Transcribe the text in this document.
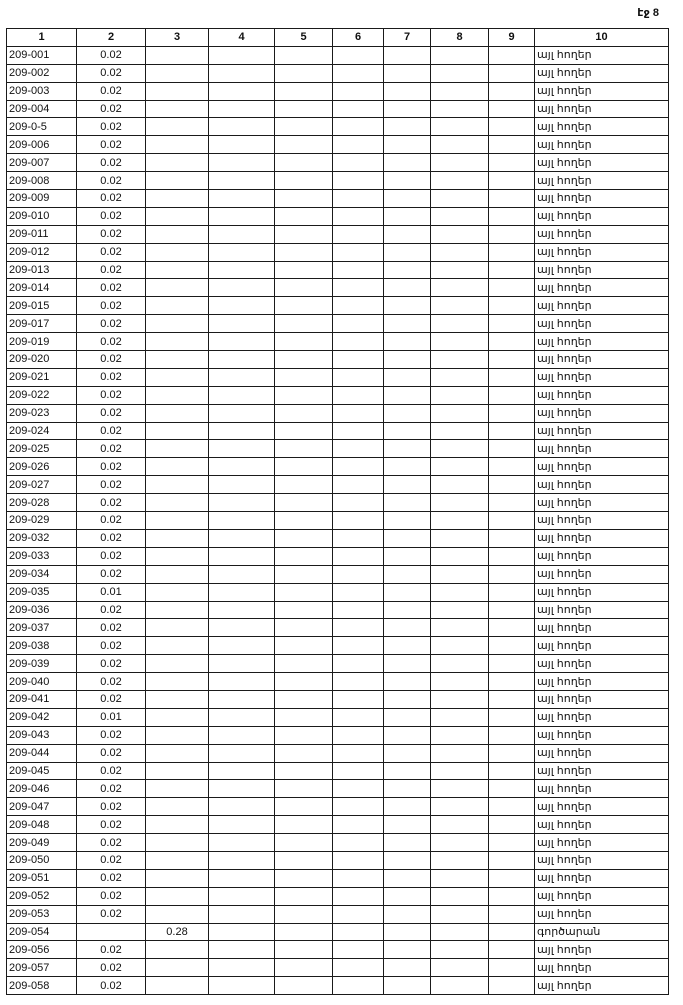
էջ 8
1	2	3	4	5	6	7	8	9	10
209-001	0.02								այլ հողեր
209-002	0.02								այլ հողեր
209-003	0.02								այլ հողեր
209-004	0.02								այլ հողեր
209-0-5	0.02								այլ հողեր
209-006	0.02								այլ հողեր
209-007	0.02								այլ հողեր
209-008	0.02								այլ հողեր
209-009	0.02								այլ հողեր
209-010	0.02								այլ հողեր
209-011	0.02								այլ հողեր
209-012	0.02								այլ հողեր
209-013	0.02								այլ հողեր
209-014	0.02								այլ հողեր
209-015	0.02								այլ հողեր
209-017	0.02								այլ հողեր
209-019	0.02								այլ հողեր
209-020	0.02								այլ հողեր
209-021	0.02								այլ հողեր
209-022	0.02								այլ հողեր
209-023	0.02								այլ հողեր
209-024	0.02								այլ հողեր
209-025	0.02								այլ հողեր
209-026	0.02								այլ հողեր
209-027	0.02								այլ հողեր
209-028	0.02								այլ հողեր
209-029	0.02								այլ հողեր
209-032	0.02								այլ հողեր
209-033	0.02								այլ հողեր
209-034	0.02								այլ հողեր
209-035	0.01								այլ հողեր
209-036	0.02								այլ հողեր
209-037	0.02								այլ հողեր
209-038	0.02								այլ հողեր
209-039	0.02								այլ հողեր
209-040	0.02								այլ հողեր
209-041	0.02								այլ հողեր
209-042	0.01								այլ հողեր
209-043	0.02								այլ հողեր
209-044	0.02								այլ հողեր
209-045	0.02								այլ հողեր
209-046	0.02								այլ հողեր
209-047	0.02								այլ հողեր
209-048	0.02								այլ հողեր
209-049	0.02								այլ հողեր
209-050	0.02								այլ հողեր
209-051	0.02								այլ հողեր
209-052	0.02								այլ հողեր
209-053	0.02								այլ հողեր
209-054		0.28							գործարան
209-056	0.02								այլ հողեր
209-057	0.02								այլ հողեր
209-058	0.02								այլ հողեր
